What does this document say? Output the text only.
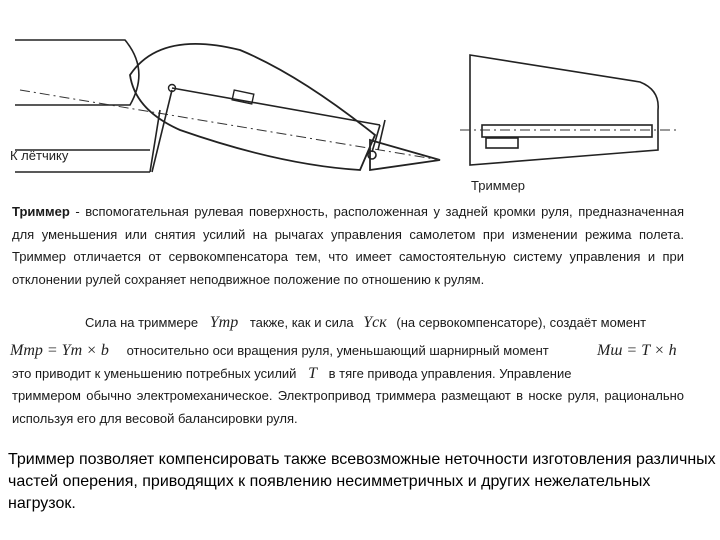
К лётчику
Триммер

Триммер - вспомогательная рулевая поверхность, расположенная у задней кромки руля, предназначенная для уменьшения или снятия усилий на рычагах управления самолетом при изменении режима полета. Триммер отличается от сервокомпенсатора тем, что имеет самостоятельную систему управления и при отклонении рулей сохраняет неподвижное положение по отношению к рулям.

Сила на триммере Yтр также, как и сила Yск (на сервокомпенсаторе), создаёт момент
Mтр = Yт × b относительно оси вращения руля, уменьшающий шарнирный момент	Mш = T × h
это приводит к уменьшению потребных усилий T в тяге привода управления. Управление

триммером обычно электромеханическое. Электропривод триммера размещают в носке руля, рационально используя его для весовой балансировки руля.

Триммер позволяет компенсировать также всевозможные неточности изготовления различных частей оперения, приводящих к появлению несимметричных и других нежелательных нагрузок.
